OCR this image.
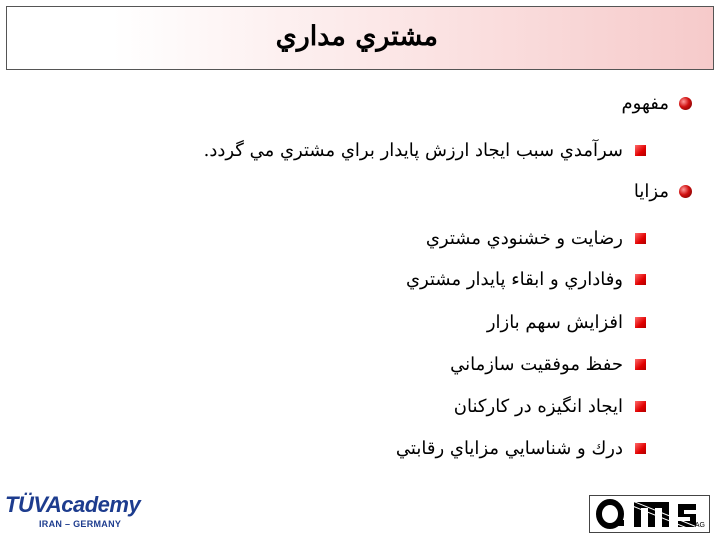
مشتري مداري
مفهوم
سرآمدي سبب ايجاد ارزش پايدار براي مشتري مي گردد.
مزايا
رضايت و خشنودي مشتري
وفاداري و ابقاء پايدار مشتري
افزايش سهم بازار
حفظ موفقيت سازماني
ايجاد انگيزه در كاركنان
درك و شناسايي مزاياي رقابتي
TÜVAcademy
IRAN – GERMANY	AG
